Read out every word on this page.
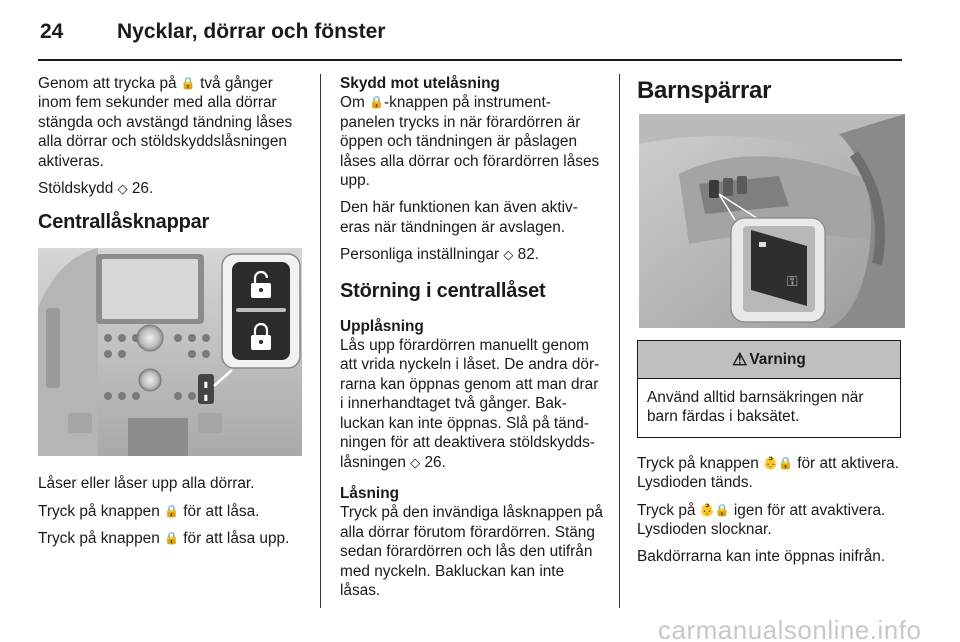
24	Nycklar, dörrar och fönster

Genom att trycka på 🔒 två gånger inom fem sekunder med alla dörrar stängda och avstängd tändning låses alla dörrar och stöldskyddslåsningen aktiveras.

Stöldskydd ◇ 26.

Centrallåsknappar
▮
▮

Låser eller låser upp alla dörrar.

Tryck på knappen 🔒 för att låsa.

Tryck på knappen 🔒 för att låsa upp.

Skydd mot utelåsning

Om 🔒-knappen på instrument-panelen trycks in när förardörren är öppen och tändningen är påslagen låses alla dörrar och förardörren låses upp.

Den här funktionen kan även aktiv-eras när tändningen är avslagen.

Personliga inställningar ◇ 82.

Störning i centrallåset
Upplåsning

Lås upp förardörren manuellt genom att vrida nyckeln i låset. De andra dör-rarna kan öppnas genom att man drar i innerhandtaget två gånger. Bak-luckan kan inte öppnas. Slå på tänd-ningen för att deaktivera stöldskydds-låsningen ◇ 26.

Låsning

Tryck på den invändiga låsknappen på alla dörrar förutom förardörren. Stäng sedan förardörren och lås den utifrån med nyckeln. Bakluckan kan inte låsas.

Barnspärrar
⚿
⚠ Varning
Använd alltid barnsäkringen när barn färdas i baksätet.

Tryck på knappen 👶🔒 för att aktivera. Lysdioden tänds.

Tryck på 👶🔒 igen för att avaktivera. Lysdioden slocknar.

Bakdörrarna kan inte öppnas inifrån.

carmanualsonline.info
